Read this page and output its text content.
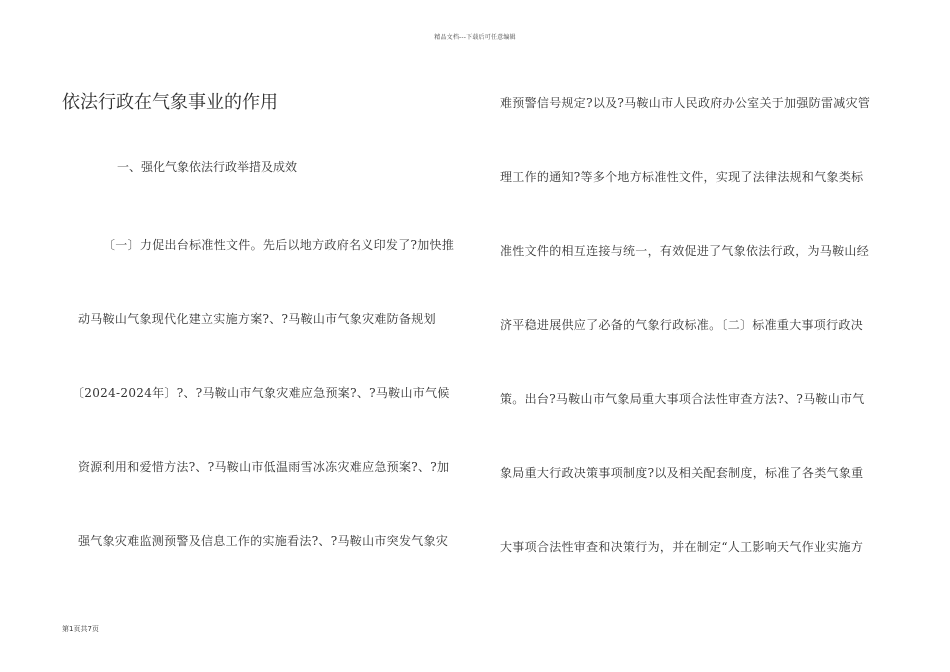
精品文档---下载后可任意编辑
依法行政在气象事业的作用
一、强化气象依法行政举措及成效
〔一〕力促出台标准性文件。先后以地方政府名义印发了?加快推
动马鞍山气象现代化建立实施方案?、?马鞍山市气象灾难防备规划
〔2024-2024年〕?、?马鞍山市气象灾难应急预案?、?马鞍山市气候
资源利用和爱惜方法?、?马鞍山市低温雨雪冰冻灾难应急预案?、?加
强气象灾难监测预警及信息工作的实施看法?、?马鞍山市突发气象灾
难预警信号规定?以及?马鞍山市人民政府办公室关于加强防雷减灾管
理工作的通知?等多个地方标准性文件，实现了法律法规和气象类标
准性文件的相互连接与统一，有效促进了气象依法行政，为马鞍山经
济平稳进展供应了必备的气象行政标准。〔二〕标准重大事项行政决
策。出台?马鞍山市气象局重大事项合法性审查方法?、?马鞍山市气
象局重大行政决策事项制度?以及相关配套制度，标准了各类气象重
大事项合法性审查和决策行为，并在制定“人工影响天气作业实施方
第1页共7页
